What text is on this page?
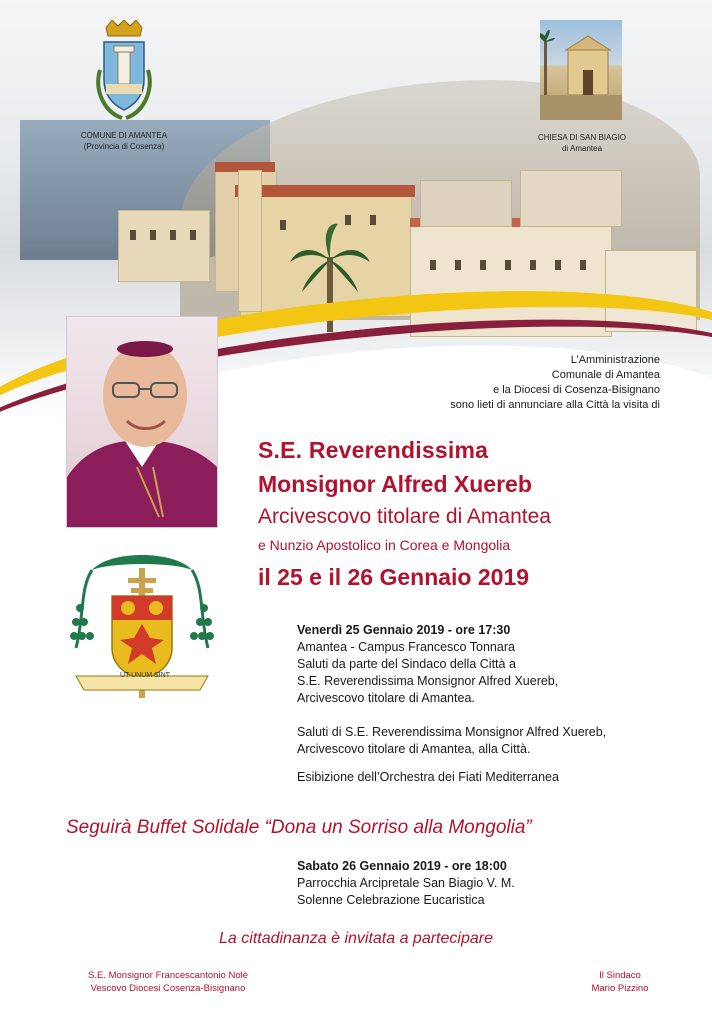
COMUNE DI AMANTEA
(Provincia di Cosenza)
CHIESA DI SAN BIAGIO
di Amantea
L’Amministrazione
Comunale di Amantea
e la Diocesi di Cosenza-Bisignano
sono lieti di annunciare alla Città la visita di
S.E. Reverendissima
Monsignor Alfred Xuereb
Arcivescovo titolare di Amantea
e Nunzio Apostolico in Corea e Mongolia
il 25 e il 26 Gennaio 2019
UT UNUM SINT
Venerdì 25 Gennaio 2019 - ore 17:30
Amantea - Campus Francesco Tonnara
Saluti da parte del Sindaco della Città a
S.E. Reverendissima Monsignor Alfred Xuereb,
Arcivescovo titolare di Amantea.
Saluti di S.E. Reverendissima Monsignor Alfred Xuereb,
Arcivescovo titolare di Amantea, alla Città.
Esibizione dell’Orchestra dei Fiati Mediterranea
Seguirà Buffet Solidale “Dona un Sorriso alla Mongolia”
Sabato 26 Gennaio 2019 - ore 18:00
Parrocchia Arcipretale San Biagio V. M.
Solenne Celebrazione Eucaristica
La cittadinanza è invitata a partecipare
S.E. Monsignor Francescantonio Nolè
Vescovo Diocesi Cosenza-Bisignano
Il Sindaco
Mario Pizzino
